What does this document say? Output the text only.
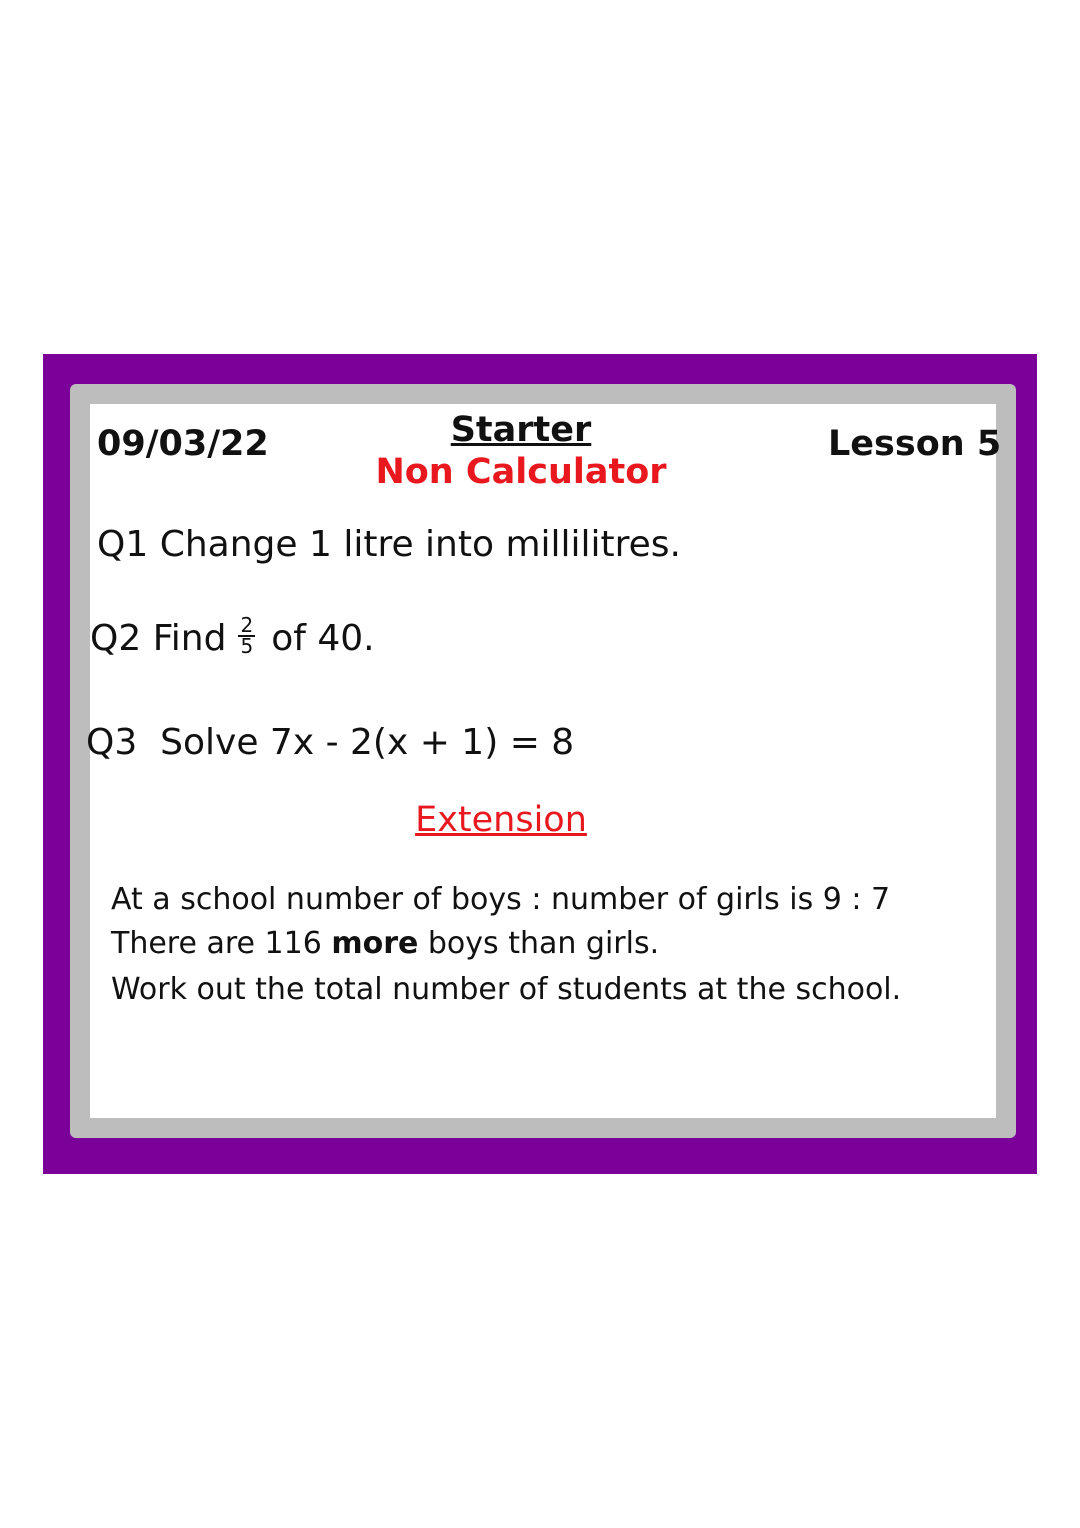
09/03/22	Starter
Non Calculator
Lesson 5
Q1 Change 1 litre into millilitres.
Q2 Find $\frac{2}{5}$ of 40.
Q3 Solve 7x - 2(x + 1) = 8
Extension
At a school number of boys : number of girls is 9 : 7
There are 116 more boys than girls.
Work out the total number of students at the school.
